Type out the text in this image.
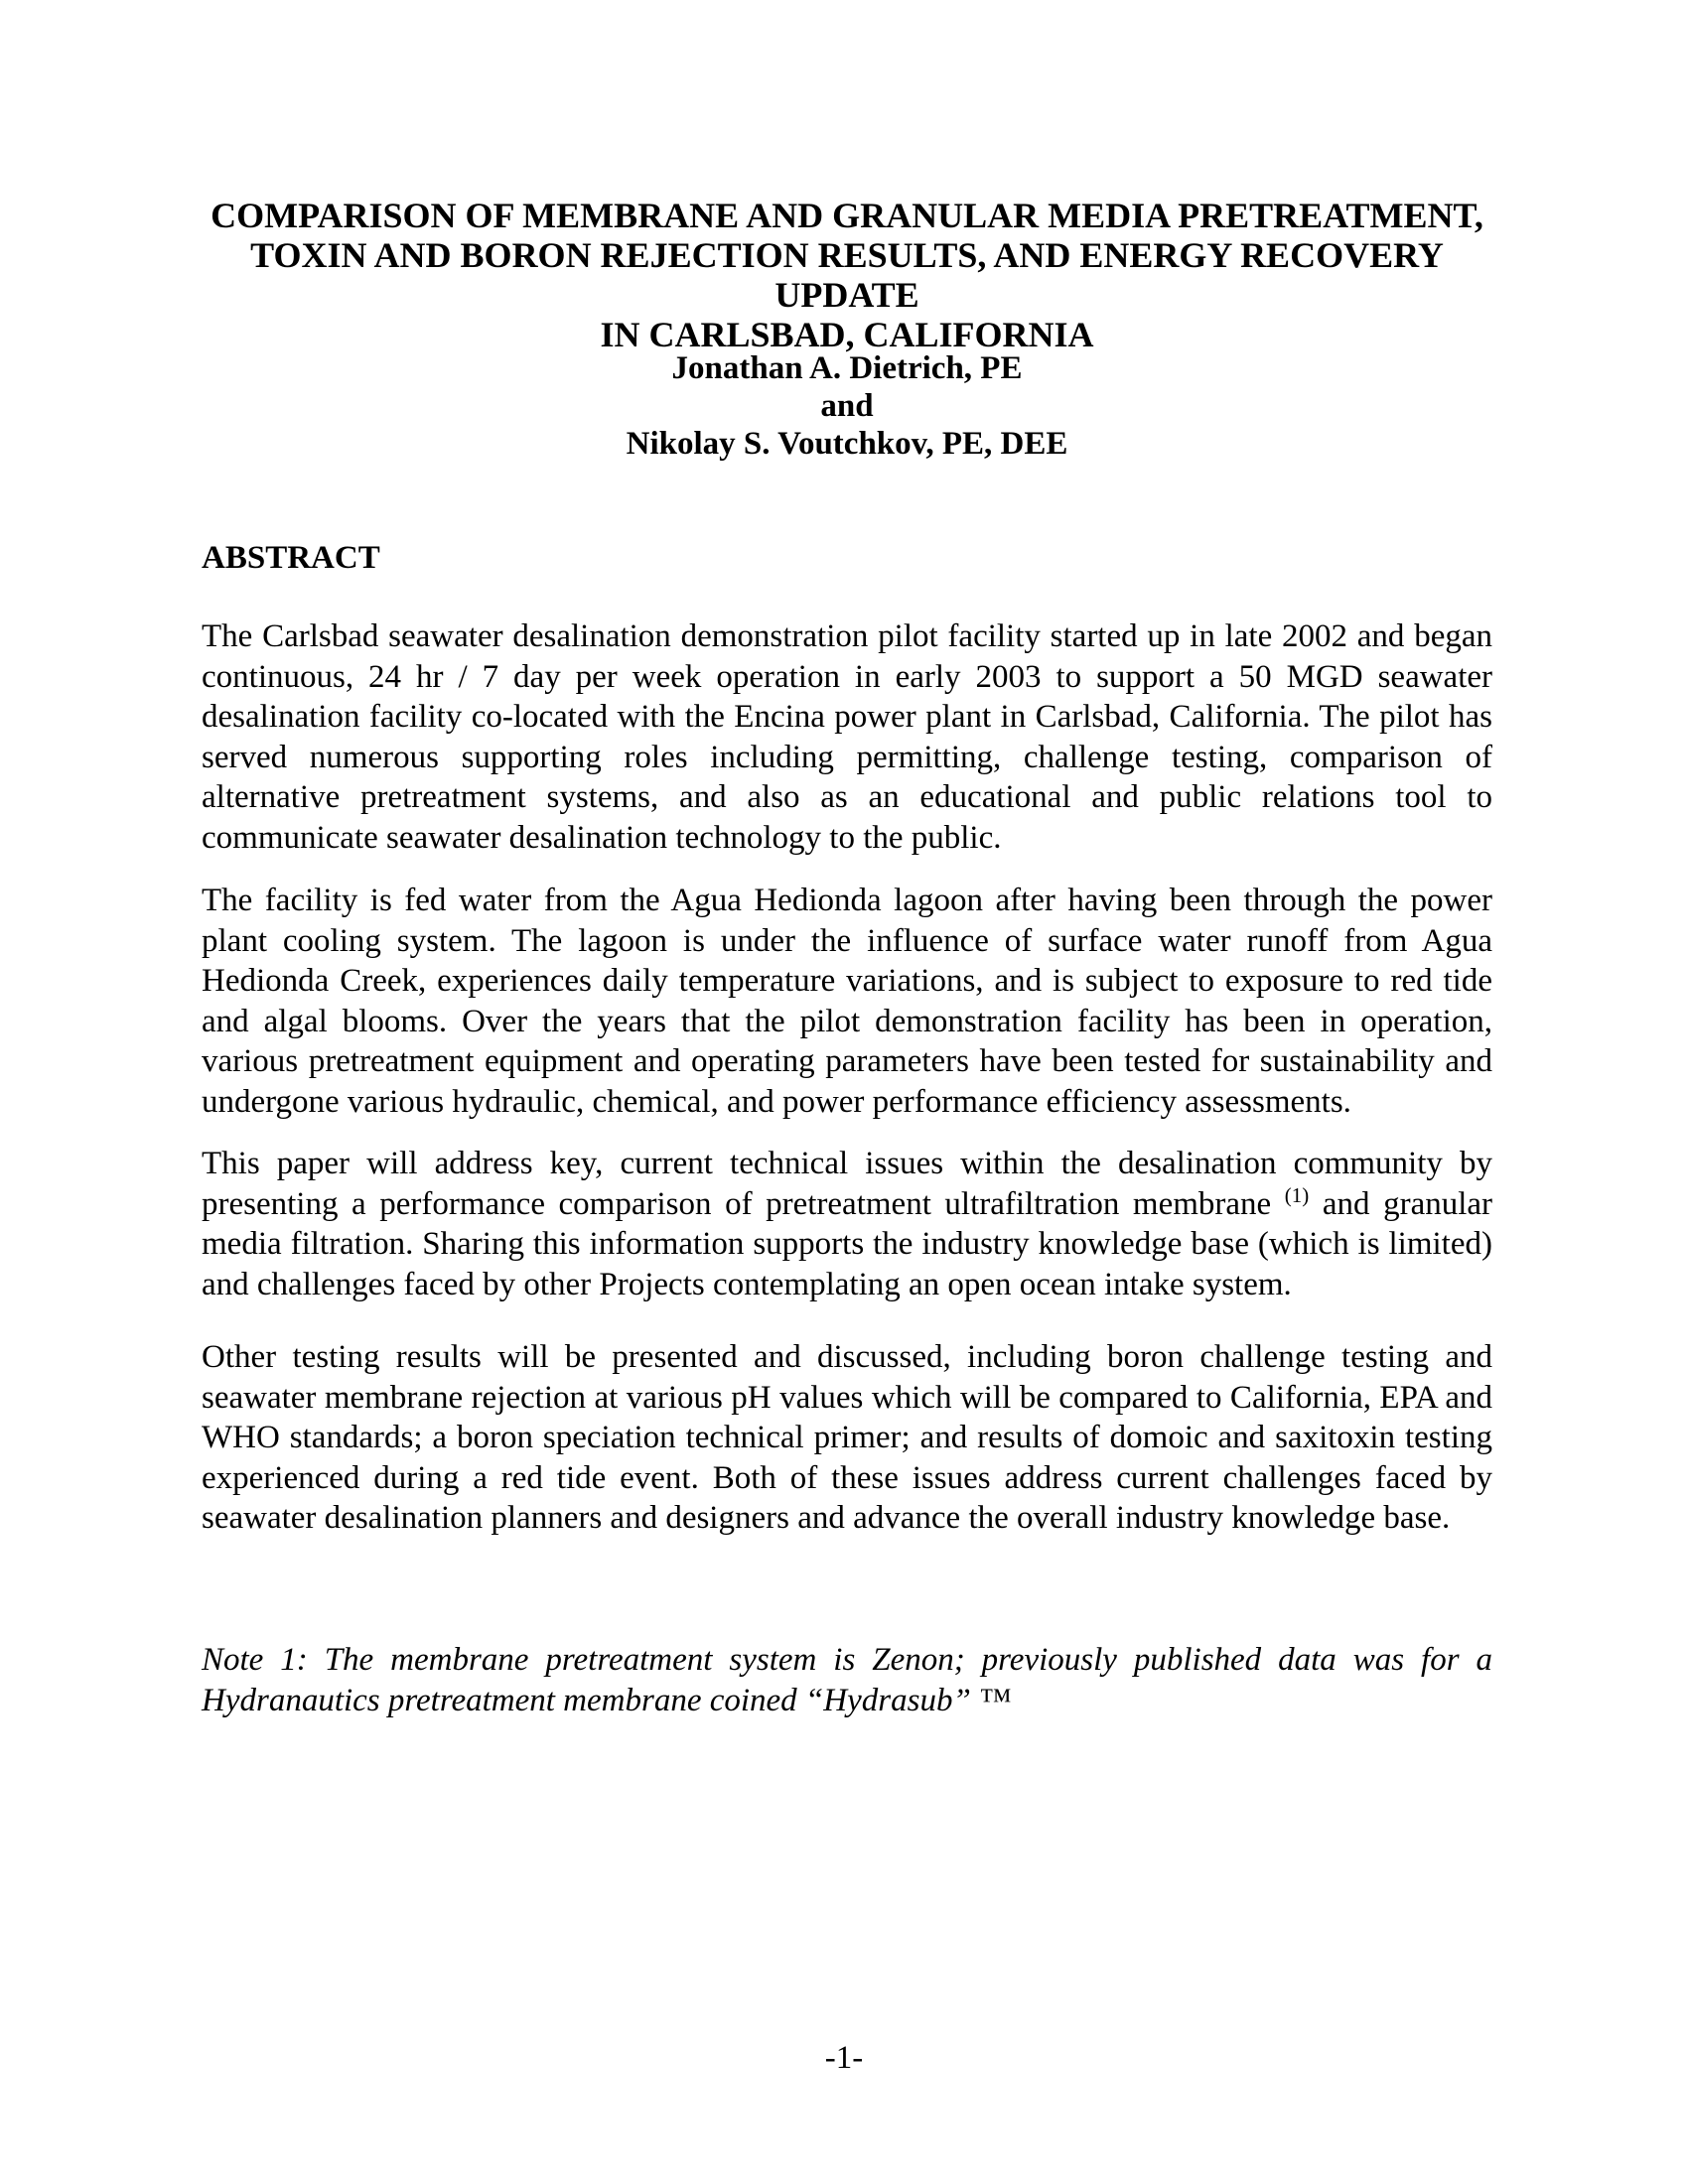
COMPARISON OF MEMBRANE AND GRANULAR MEDIA PRETREATMENT,
TOXIN AND BORON REJECTION RESULTS, AND ENERGY RECOVERY UPDATE
IN CARLSBAD, CALIFORNIA
Jonathan A. Dietrich, PE
and
Nikolay S. Voutchkov, PE, DEE
ABSTRACT

The Carlsbad seawater desalination demonstration pilot facility started up in late 2002 and began continuous, 24 hr / 7 day per week operation in early 2003 to support a 50 MGD seawater desalination facility co-located with the Encina power plant in Carlsbad, California. The pilot has served numerous supporting roles including permitting, challenge testing, comparison of alternative pretreatment systems, and also as an educational and public relations tool to communicate seawater desalination technology to the public.

The facility is fed water from the Agua Hedionda lagoon after having been through the power plant cooling system. The lagoon is under the influence of surface water runoff from Agua Hedionda Creek, experiences daily temperature variations, and is subject to exposure to red tide and algal blooms. Over the years that the pilot demonstration facility has been in operation, various pretreatment equipment and operating parameters have been tested for sustainability and undergone various hydraulic, chemical, and power performance efficiency assessments.

This paper will address key, current technical issues within the desalination community by presenting a performance comparison of pretreatment ultrafiltration membrane $^{(1)}$ and granular media filtration. Sharing this information supports the industry knowledge base (which is limited) and challenges faced by other Projects contemplating an open ocean intake system.

Other testing results will be presented and discussed, including boron challenge testing and seawater membrane rejection at various pH values which will be compared to California, EPA and WHO standards; a boron speciation technical primer; and results of domoic and saxitoxin testing experienced during a red tide event. Both of these issues address current challenges faced by seawater desalination planners and designers and advance the overall industry knowledge base.

Note 1: The membrane pretreatment system is Zenon; previously published data was for a Hydranautics pretreatment membrane coined “Hydrasub” ™

-1-
